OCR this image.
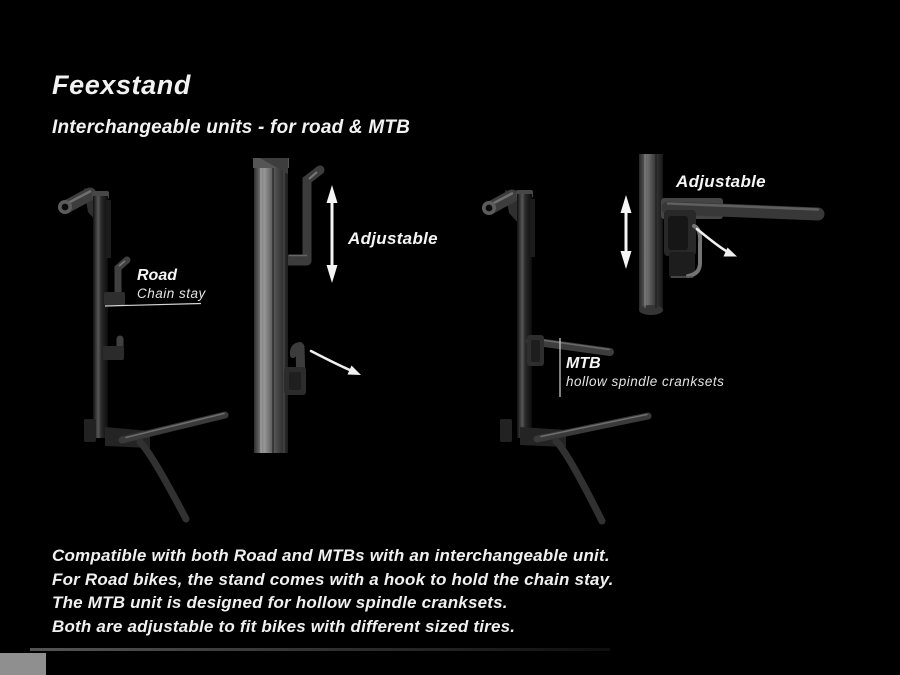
Feexstand
Interchangeable units - for road & MTB
Road
Chain stay
Adjustable
Adjustable
MTB
hollow spindle cranksets
Compatible with both Road and MTBs with an interchangeable unit.
For Road bikes, the stand comes with a hook to hold the chain stay.
The MTB unit is designed for hollow spindle cranksets.
Both are adjustable to fit bikes with different sized tires.
